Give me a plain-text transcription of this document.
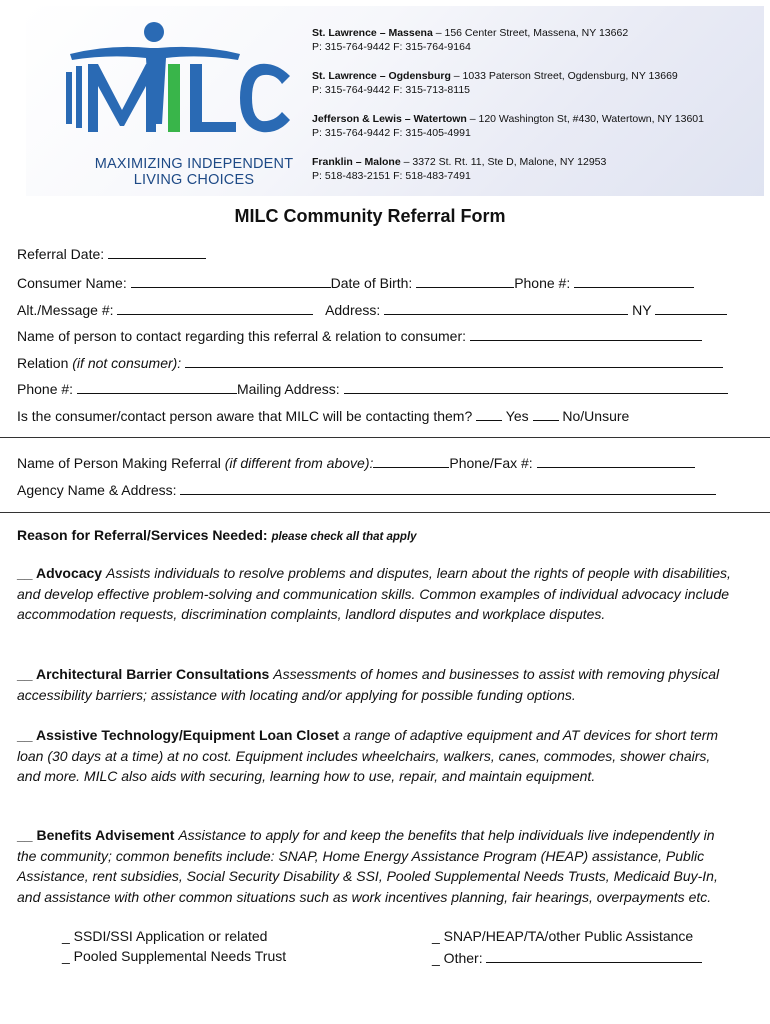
MAXIMIZING INDEPENDENT
LIVING CHOICES
St. Lawrence – Massena – 156 Center Street, Massena, NY 13662
P: 315-764-9442 F: 315-764-9164
St. Lawrence – Ogdensburg – 1033 Paterson Street, Ogdensburg, NY 13669
P: 315-764-9442 F: 315-713-8115
Jefferson & Lewis – Watertown – 120 Washington St, #430, Watertown, NY 13601
P: 315-764-9442 F: 315-405-4991
Franklin – Malone – 3372 St. Rt. 11, Ste D, Malone, NY 12953
P: 518-483-2151 F: 518-483-7491
MILC Community Referral Form
Referral Date:
Consumer Name:	Date of Birth:	Phone #:
Alt./Message #:	Address:	NY
Name of person to contact regarding this referral & relation to consumer:
Relation (if not consumer):
Phone #:	Mailing Address:
Is the consumer/contact person aware that MILC will be contacting them? Yes No/Unsure
Name of Person Making Referral (if different from above):	Phone/Fax #:
Agency Name & Address:
Reason for Referral/Services Needed: please check all that apply
__ Advocacy Assists individuals to resolve problems and disputes, learn about the rights of people with disabilities, and develop effective problem-solving and communication skills. Common examples of individual advocacy include accommodation requests, discrimination complaints, landlord disputes and workplace disputes.
__ Architectural Barrier Consultations Assessments of homes and businesses to assist with removing physical accessibility barriers; assistance with locating and/or applying for possible funding options.
__ Assistive Technology/Equipment Loan Closet a range of adaptive equipment and AT devices for short term loan (30 days at a time) at no cost. Equipment includes wheelchairs, walkers, canes, commodes, shower chairs, and more. MILC also aids with securing, learning how to use, repair, and maintain equipment.
__ Benefits Advisement Assistance to apply for and keep the benefits that help individuals live independently in the community; common benefits include: SNAP, Home Energy Assistance Program (HEAP) assistance, Public Assistance, rent subsidies, Social Security Disability & SSI, Pooled Supplemental Needs Trusts, Medicaid Buy-In, and assistance with other common situations such as work incentives planning, fair hearings, overpayments etc.
_ SSDI/SSI Application or related	_ SNAP/HEAP/TA/other Public Assistance
_ Pooled Supplemental Needs Trust	_ Other:
